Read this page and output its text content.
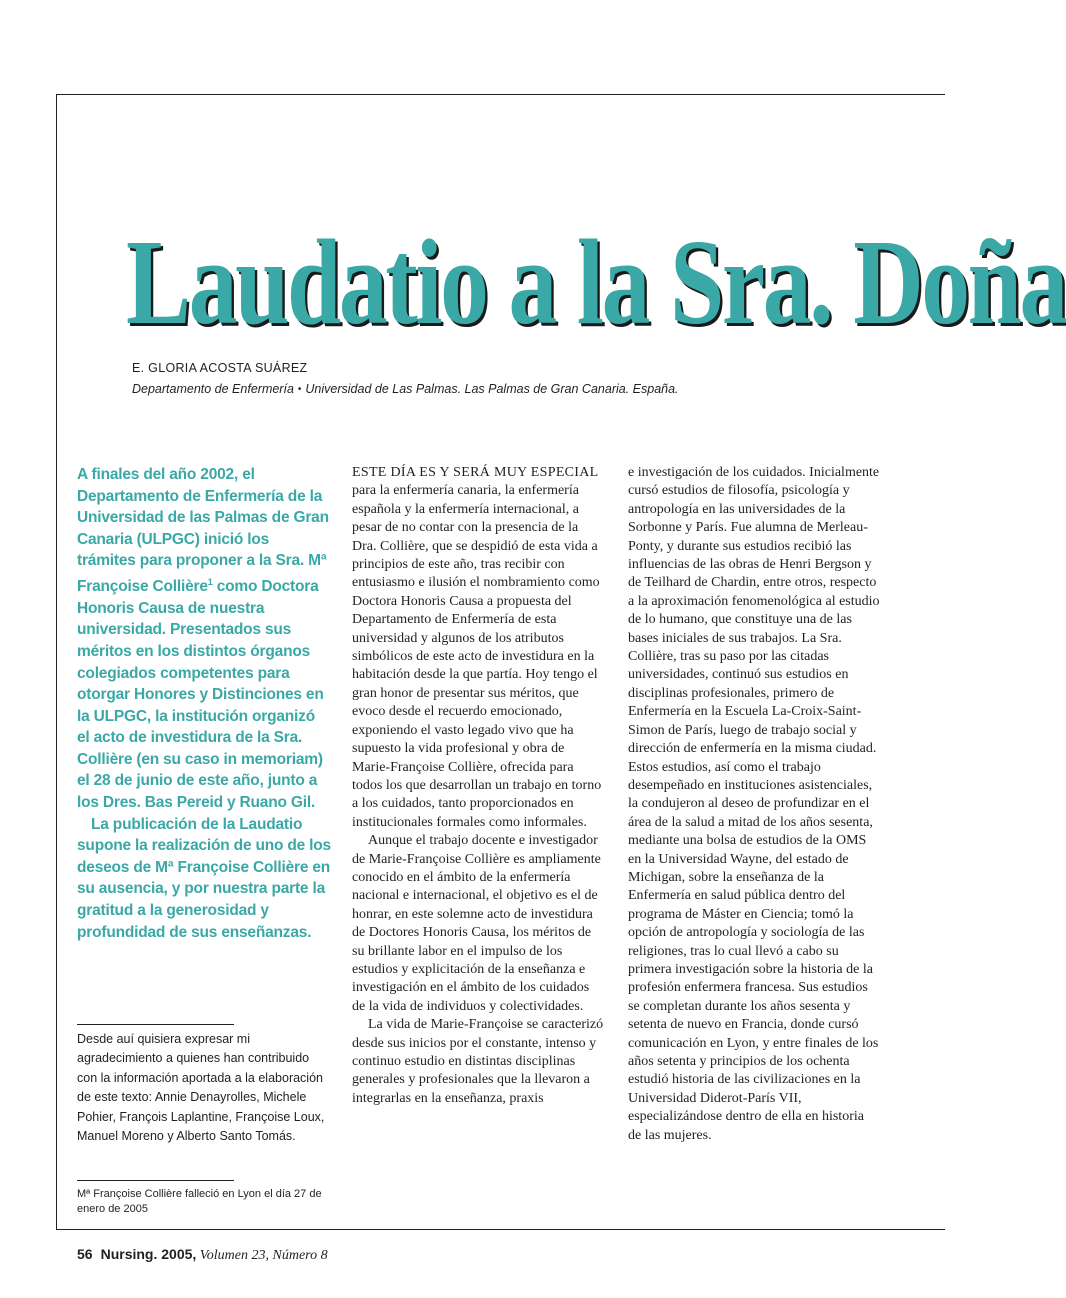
Laudatio a la Sra. Doña
E. GLORIA ACOSTA SUÁREZ
Departamento de Enfermería • Universidad de Las Palmas. Las Palmas de Gran Canaria. España.

A finales del año 2002, el Departamento de Enfermería de la Universidad de las Palmas de Gran Canaria (ULPGC) inició los trámites para proponer a la Sra. Mª Françoise Collière$^1$ como Doctora Honoris Causa de nuestra universidad. Presentados sus méritos en los distintos órganos colegiados competentes para otorgar Honores y Distinciones en la ULPGC, la institución organizó el acto de investidura de la Sra. Collière (en su caso in memoriam) el 28 de junio de este año, junto a los Dres. Bas Pereid y Ruano Gil.

La publicación de la Laudatio supone la realización de uno de los deseos de Mª Françoise Collière en su ausencia, y por nuestra parte la gratitud a la generosidad y profundidad de sus enseñanzas.

Desde auí quisiera expresar mi agradecimiento a quienes han contribuido con la información aportada a la elaboración de este texto: Annie Denayrolles, Michele Pohier, François Laplantine, Françoise Loux, Manuel Moreno y Alberto Santo Tomás.
Mª Françoise Collière falleció en Lyon el día 27 de enero de 2005

ESTE DÍA ES Y SERÁ MUY ESPECIAL para la enfermería canaria, la enfermería española y la enfermería internacional, a pesar de no contar con la presencia de la Dra. Collière, que se despidió de esta vida a principios de este año, tras recibir con entusiasmo e ilusión el nombramiento como Doctora Honoris Causa a propuesta del Departamento de Enfermería de esta universidad y algunos de los atributos simbólicos de este acto de investidura en la habitación desde la que partía. Hoy tengo el gran honor de presentar sus méritos, que evoco desde el recuerdo emocionado, exponiendo el vasto legado vivo que ha supuesto la vida profesional y obra de Marie-Françoise Collière, ofrecida para todos los que desarrollan un trabajo en torno a los cuidados, tanto proporcionados en institucionales formales como informales.

Aunque el trabajo docente e investigador de Marie-Françoise Collière es ampliamente conocido en el ámbito de la enfermería nacional e internacional, el objetivo es el de honrar, en este solemne acto de investidura de Doctores Honoris Causa, los méritos de su brillante labor en el impulso de los estudios y explicitación de la enseñanza e investigación en el ámbito de los cuidados de la vida de individuos y colectividades.

La vida de Marie-Françoise se caracterizó desde sus inicios por el constante, intenso y continuo estudio en distintas disciplinas generales y profesionales que la llevaron a integrarlas en la enseñanza, praxis

e investigación de los cuidados. Inicialmente cursó estudios de filosofía, psicología y antropología en las universidades de la Sorbonne y París. Fue alumna de Merleau-Ponty, y durante sus estudios recibió las influencias de las obras de Henri Bergson y de Teilhard de Chardin, entre otros, respecto a la aproximación fenomenológica al estudio de lo humano, que constituye una de las bases iniciales de sus trabajos. La Sra. Collière, tras su paso por las citadas universidades, continuó sus estudios en disciplinas profesionales, primero de Enfermería en la Escuela La-Croix-Saint-Simon de París, luego de trabajo social y dirección de enfermería en la misma ciudad. Estos estudios, así como el trabajo desempeñado en instituciones asistenciales, la condujeron al deseo de profundizar en el área de la salud a mitad de los años sesenta, mediante una bolsa de estudios de la OMS en la Universidad Wayne, del estado de Michigan, sobre la enseñanza de la Enfermería en salud pública dentro del programa de Máster en Ciencia; tomó la opción de antropología y sociología de las religiones, tras lo cual llevó a cabo su primera investigación sobre la historia de la profesión enfermera francesa. Sus estudios se completan durante los años sesenta y setenta de nuevo en Francia, donde cursó comunicación en Lyon, y entre finales de los años setenta y principios de los ochenta estudió historia de las civilizaciones en la Universidad Diderot-París VII, especializándose dentro de ella en historia de las mujeres.

56 Nursing. 2005, Volumen 23, Número 8
